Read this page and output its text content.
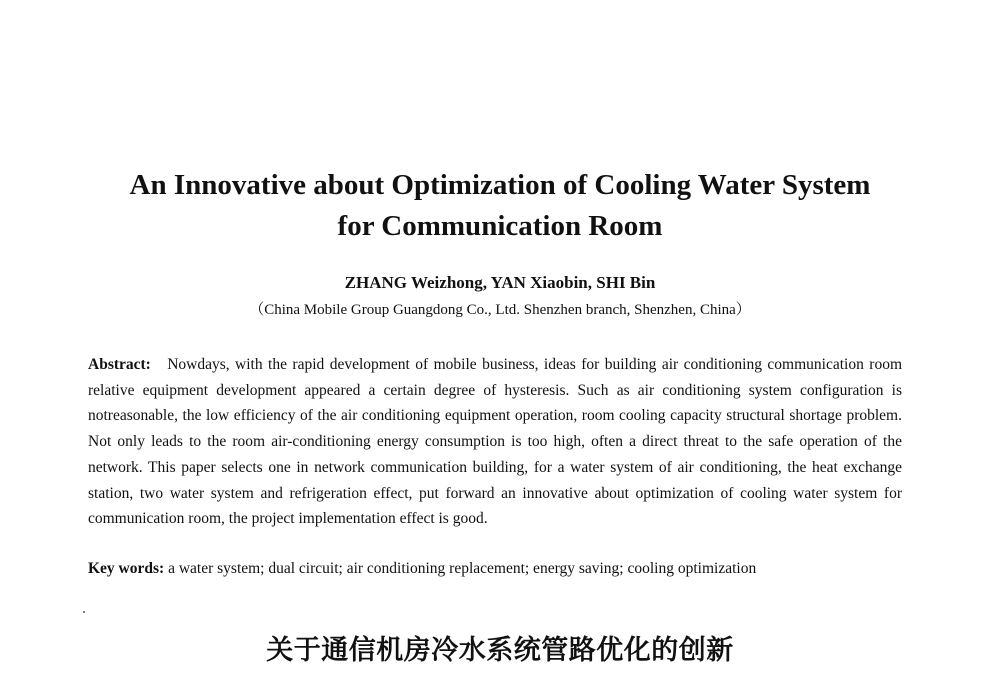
An Innovative about Optimization of Cooling Water System
for Communication Room

ZHANG Weizhong, YAN Xiaobin, SHI Bin

（China Mobile Group Guangdong Co., Ltd. Shenzhen branch, Shenzhen, China）

Abstract: Nowdays, with the rapid development of mobile business, ideas for building air conditioning communication room relative equipment development appeared a certain degree of hysteresis. Such as air conditioning system configuration is notreasonable, the low efficiency of the air conditioning equipment operation, room cooling capacity structural shortage problem. Not only leads to the room air-conditioning energy consumption is too high, often a direct threat to the safe operation of the network. This paper selects one in network communication building, for a water system of air conditioning, the heat exchange station, two water system and refrigeration effect, put forward an innovative about optimization of cooling water system for communication room, the project implementation effect is good.

Key words: a water system; dual circuit; air conditioning replacement; energy saving; cooling optimization

关于通信机房冷水系统管路优化的创新
